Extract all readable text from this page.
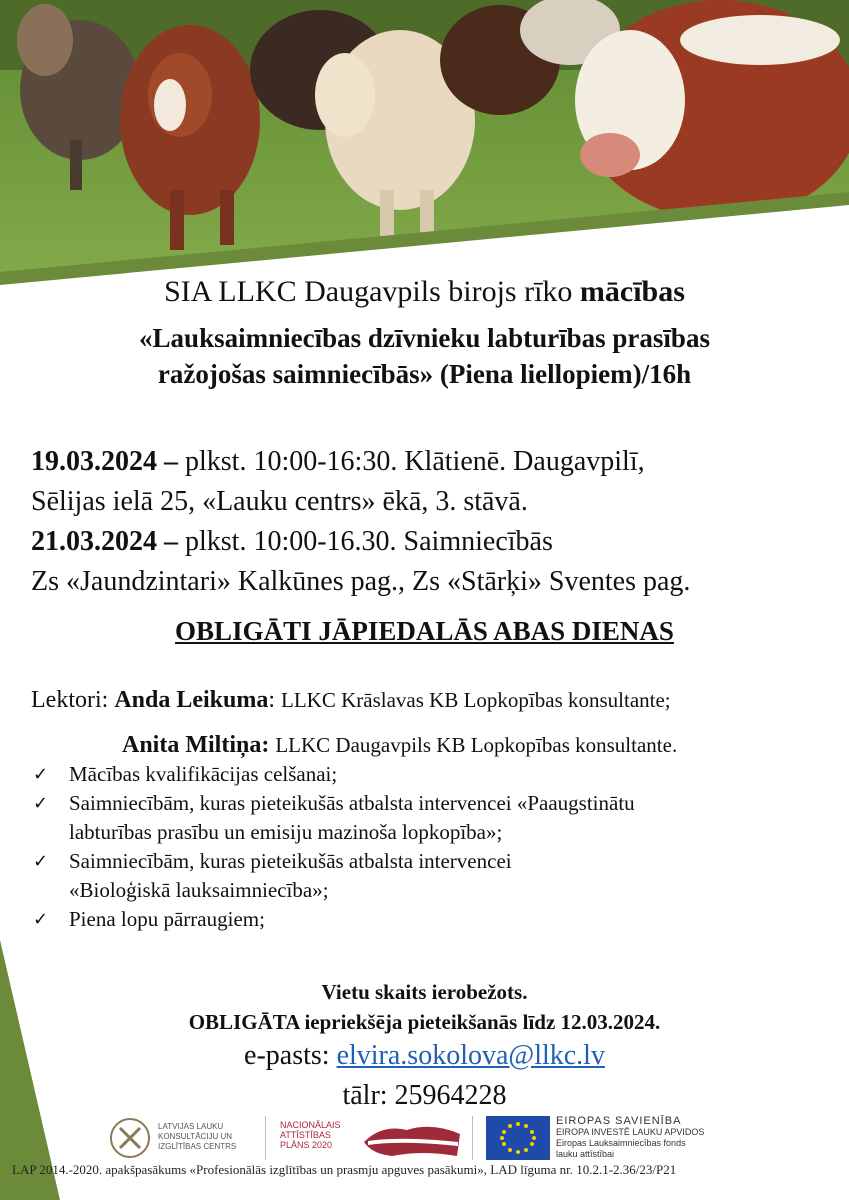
SIA LLKC Daugavpils birojs rīko mācības
«Lauksaimniecības dzīvnieku labturības prasības
ražojošas saimniecībās» (Piena liellopiem)/16h
19.03.2024 – plkst. 10:00-16:30. Klātienē. Daugavpilī,
Sēlijas ielā 25, «Lauku centrs» ēkā, 3. stāvā.
21.03.2024 – plkst. 10:00-16.30. Saimniecībās
Zs «Jaundzintari» Kalkūnes pag., Zs «Stārķi» Sventes pag.
OBLIGĀTI JĀPIEDALĀS ABAS DIENAS
Lektori: Anda Leikuma: LLKC Krāslavas KB Lopkopības konsultante;
Anita Miltiņa: LLKC Daugavpils KB Lopkopības konsultante.
✓ Mācības kvalifikācijas celšanai;
✓ Saimniecībām, kuras pieteikušās atbalsta intervencei «Paaugstinātu
labturības prasību un emisiju mazinoša lopkopība»;
✓ Saimniecībām, kuras pieteikušās atbalsta intervencei
«Bioloģiskā lauksaimniecība»;
✓ Piena lopu pārraugiem;
Vietu skaits ierobežots.
OBLIGĀTA iepriekšēja pieteikšanās līdz 12.03.2024.
e-pasts: elvira.sokolova@llkc.lv
tālr: 25964228
LATVIJAS LAUKU
KONSULTĀCIJU UN
IZGLĪTĪBAS CENTRS
NACIONĀLAIS
ATTĪSTĪBAS
PLĀNS 2020
EIROPAS SAVIENĪBA
EIROPA INVESTĒ LAUKU APVIDOS
Eiropas Lauksaimniecības fonds
lauku attīstībai
LAP 2014.-2020. apakšpasākums «Profesionālās izglītības un prasmju apguves pasākumi», LAD līguma nr. 10.2.1-2.36/23/P21
